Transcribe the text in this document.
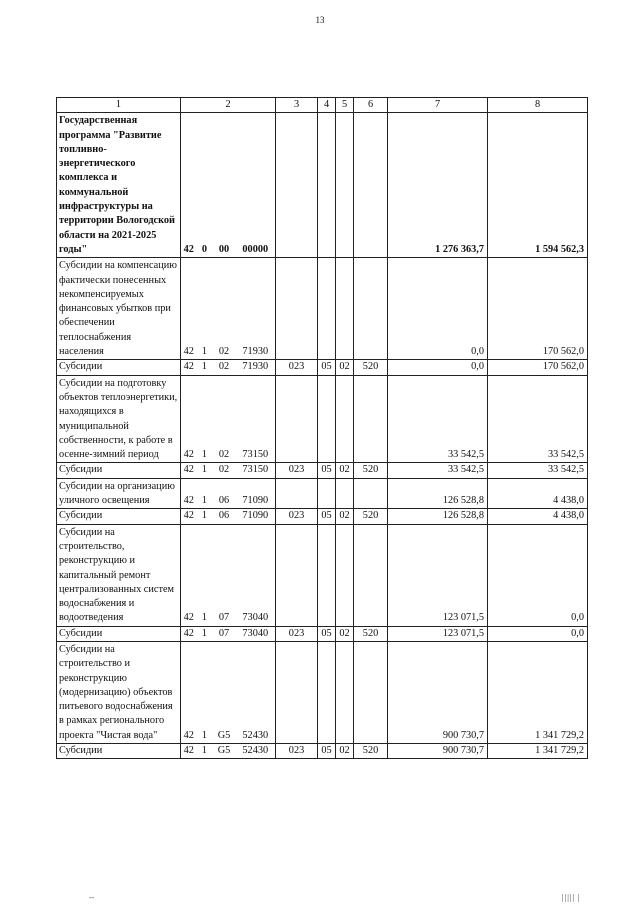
13
1	2				3	4	5	6	7	8
Государственная программа "Развитие топливно-энергетического комплекса и коммунальной инфраструктуры на территории Вологодской области на 2021-2025 годы"	42	0	00	00000					1 276 363,7	1 594 562,3
Субсидии на компенсацию фактически понесенных некомпенсируемых финансовых убытков при обеспечении теплоснабжения населения	42	1	02	71930					0,0	170 562,0
Субсидии	42	1	02	71930	023	05	02	520	0,0	170 562,0
Субсидии на подготовку объектов теплоэнергетики, находящихся в муниципальной собственности, к работе в осенне-зимний период	42	1	02	73150					33 542,5	33 542,5
Субсидии	42	1	02	73150	023	05	02	520	33 542,5	33 542,5
Субсидии на организацию уличного освещения	42	1	06	71090					126 528,8	4 438,0
Субсидии	42	1	06	71090	023	05	02	520	126 528,8	4 438,0
Субсидии на строительство, реконструкцию и капитальный ремонт централизованных систем водоснабжения и водоотведения	42	1	07	73040					123 071,5	0,0
Субсидии	42	1	07	73040	023	05	02	520	123 071,5	0,0
Субсидии на строительство и реконструкцию (модернизацию) объектов питьевого водоснабжения в рамках регионального проекта "Чистая вода"	42	1	G5	52430					900 730,7	1 341 729,2
Субсидии	42	1	G5	52430	023	05	02	520	900 730,7	1 341 729,2
--	||||| |
